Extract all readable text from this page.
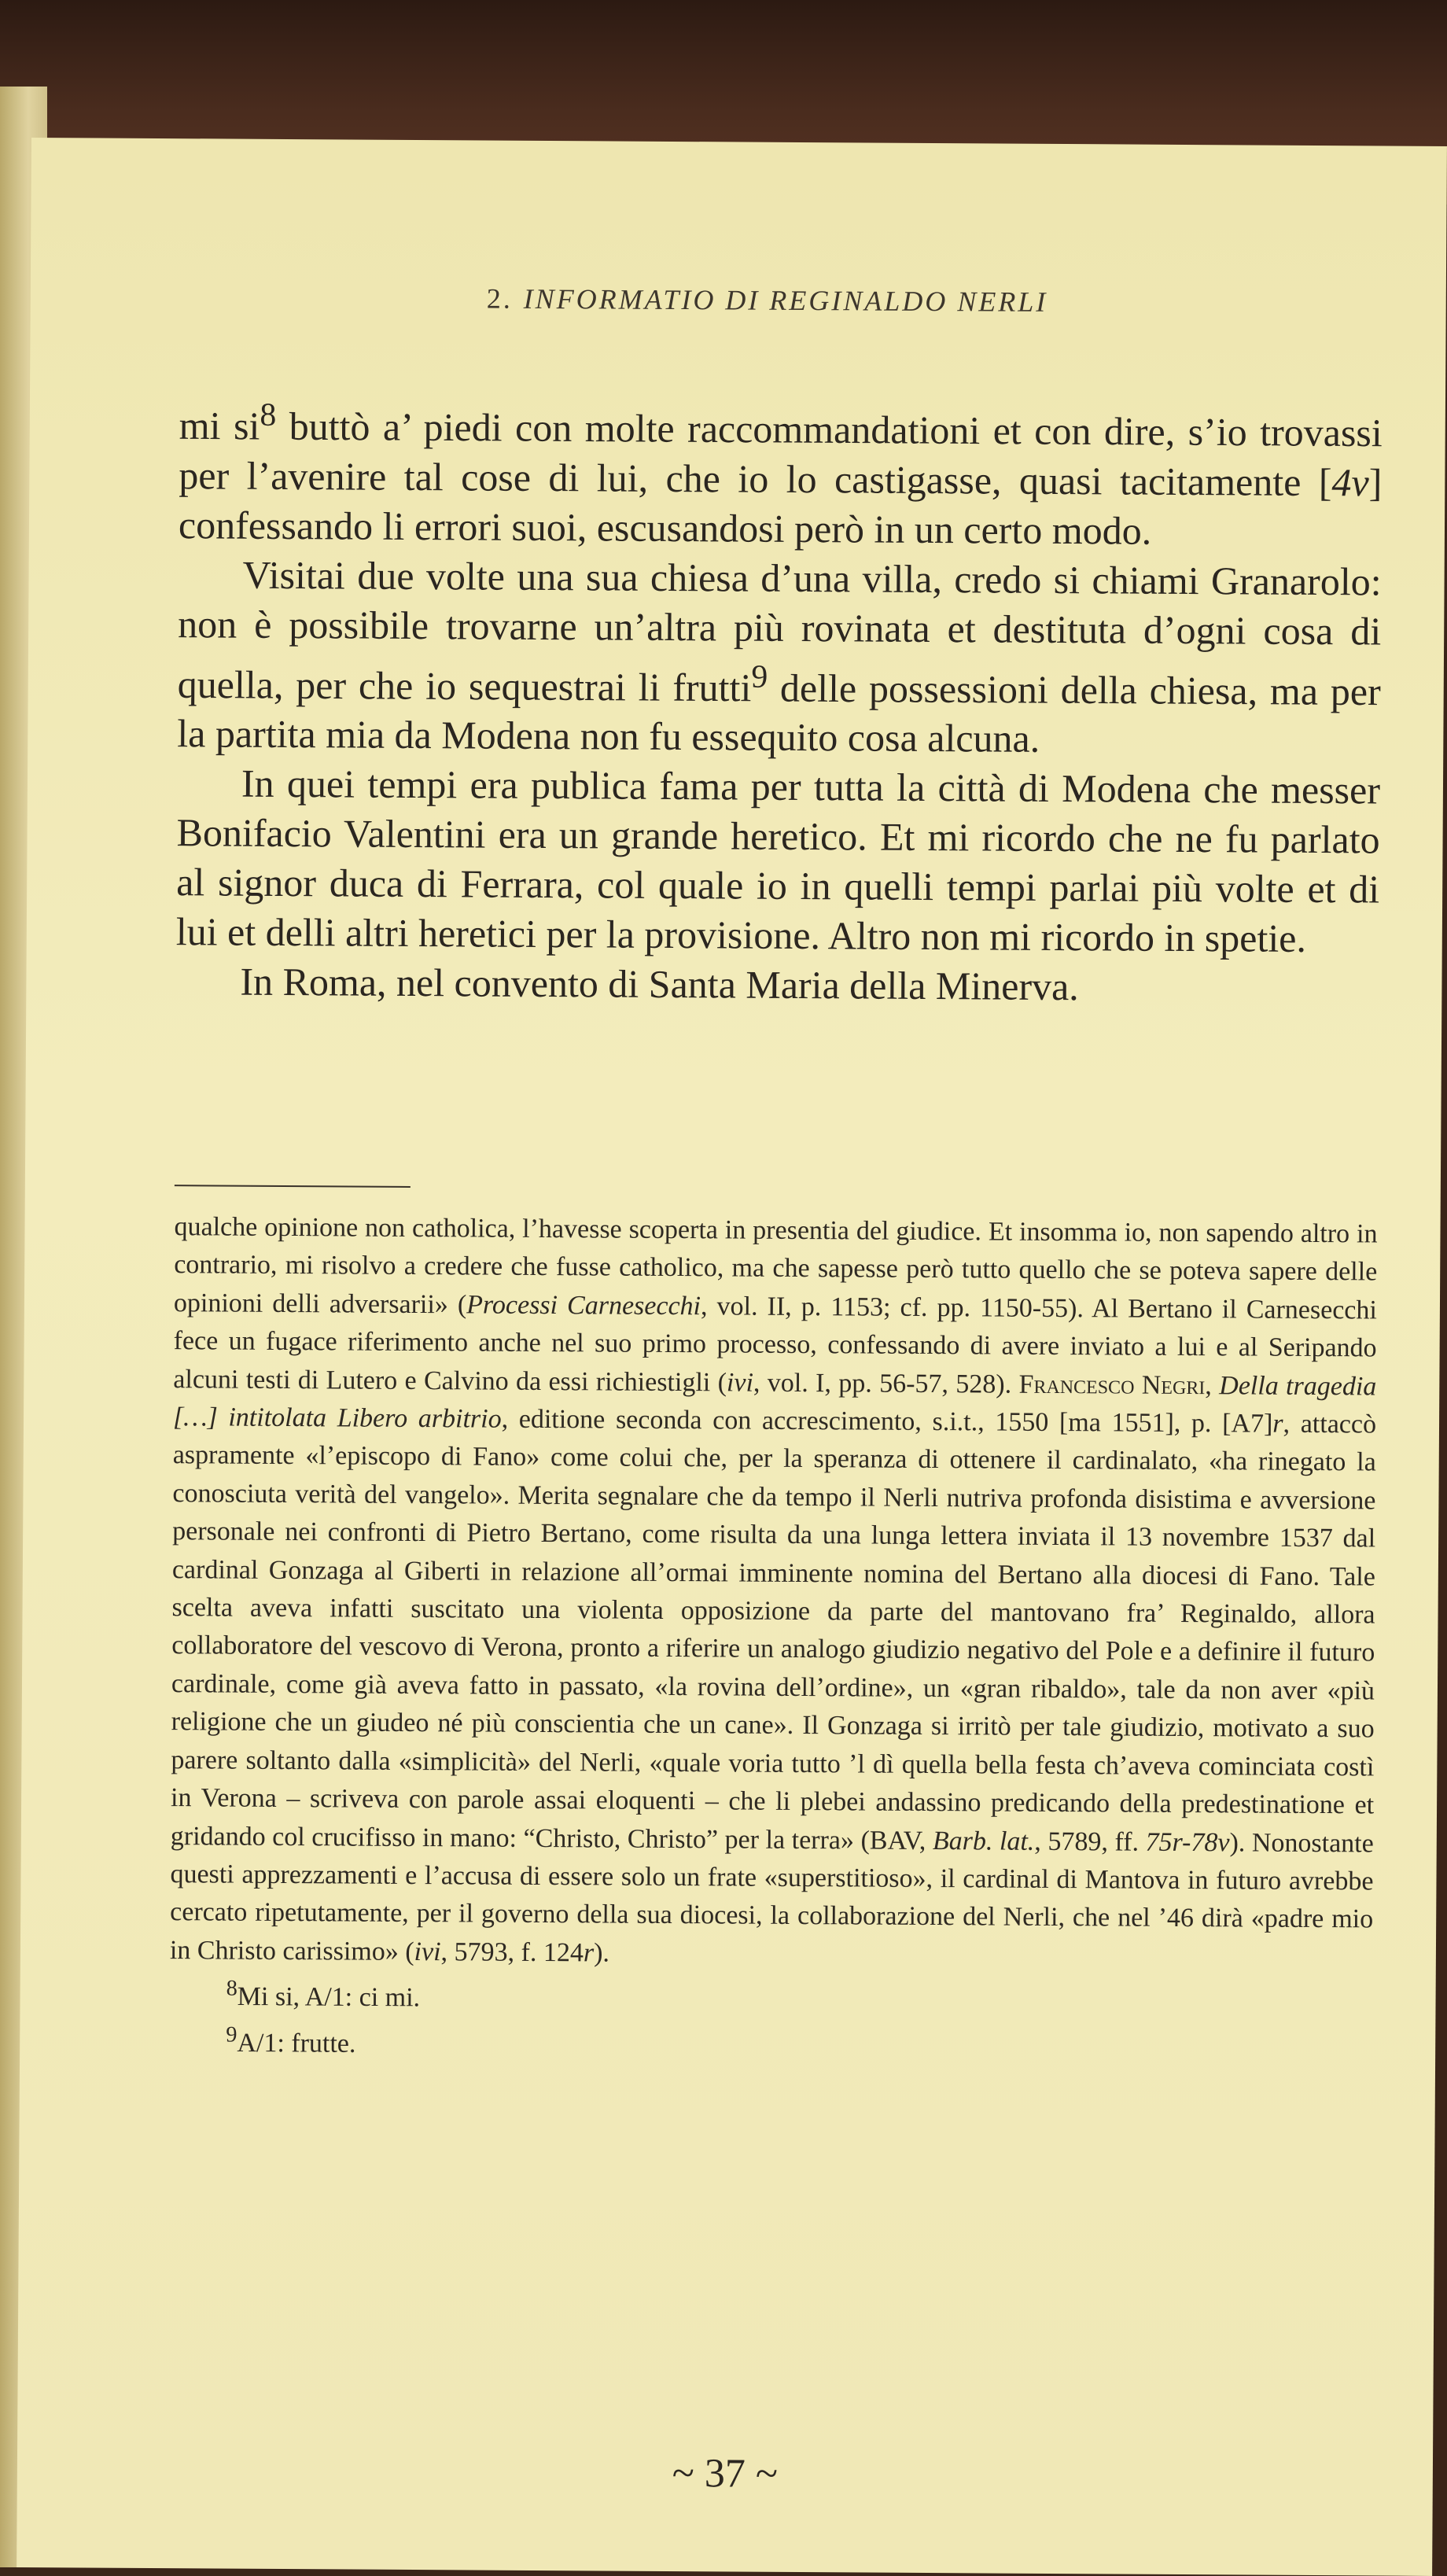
2. INFORMATIO DI REGINALDO NERLI

mi $si^8$ buttò a’ piedi con molte raccommandationi et con dire, s’io trovassi per l’avenire tal cose di lui, che io lo castigasse, quasi tacitamente [4v] confessando li errori suoi, escusandosi però in un certo modo.

Visitai due volte una sua chiesa d’una villa, credo si chiami Granarolo: non è possibile trovarne un’altra più rovinata et destituta d’ogni cosa di quella, per che io sequestrai li frutti$^9$ delle possessioni della chiesa, ma per la partita mia da Modena non fu essequito cosa alcuna.

In quei tempi era publica fama per tutta la città di Modena che messer Bonifacio Valentini era un grande heretico. Et mi ricordo che ne fu parlato al signor duca di Ferrara, col quale io in quelli tempi parlai più volte et di lui et delli altri heretici per la provisione. Altro non mi ricordo in spetie.

In Roma, nel convento di Santa Maria della Minerva.

qualche opinione non catholica, l’havesse scoperta in presentia del giudice. Et insomma io, non sapendo altro in contrario, mi risolvo a credere che fusse catholico, ma che sapesse però tutto quello che se poteva sapere delle opinioni delli adversarii» (Processi Carnesecchi, vol. II, p. 1153; cf. pp. 1150-55). Al Bertano il Carnesecchi fece un fugace riferimento anche nel suo primo processo, confessando di avere inviato a lui e al Seripando alcuni testi di Lutero e Calvino da essi richiestigli (ivi, vol. I, pp. 56-57, 528). Francesco Negri, Della tragedia […] intitolata Libero arbitrio, editione seconda con accrescimento, s.i.t., 1550 [ma 1551], p. [A7]r, attaccò aspramente «l’episcopo di Fano» come colui che, per la speranza di ottenere il cardinalato, «ha rinegato la conosciuta verità del vangelo». Merita segnalare che da tempo il Nerli nutriva profonda disistima e avversione personale nei confronti di Pietro Bertano, come risulta da una lunga lettera inviata il 13 novembre 1537 dal cardinal Gonzaga al Giberti in relazione all’ormai imminente nomina del Bertano alla diocesi di Fano. Tale scelta aveva infatti suscitato una violenta opposizione da parte del mantovano fra’ Reginaldo, allora collaboratore del vescovo di Verona, pronto a riferire un analogo giudizio negativo del Pole e a definire il futuro cardinale, come già aveva fatto in passato, «la rovina dell’ordine», un «gran ribaldo», tale da non aver «più religione che un giudeo né più conscientia che un cane». Il Gonzaga si irritò per tale giudizio, motivato a suo parere soltanto dalla «simplicità» del Nerli, «quale voria tutto ’l dì quella bella festa ch’aveva cominciata costì in Verona – scriveva con parole assai eloquenti – che li plebei andassino predicando della predestinatione et gridando col crucifisso in mano: “Christo, Christo” per la terra» (BAV, Barb. lat., 5789, ff. 75r-78v). Nonostante questi apprezzamenti e l’accusa di essere solo un frate «superstitioso», il cardinal di Mantova in futuro avrebbe cercato ripetutamente, per il governo della sua diocesi, la collaborazione del Nerli, che nel ’46 dirà «padre mio in Christo carissimo» (ivi, 5793, f. 124r).

$^8$Mi si, A/1: ci mi.

$^9$A/1: frutte.

~ 37 ~
